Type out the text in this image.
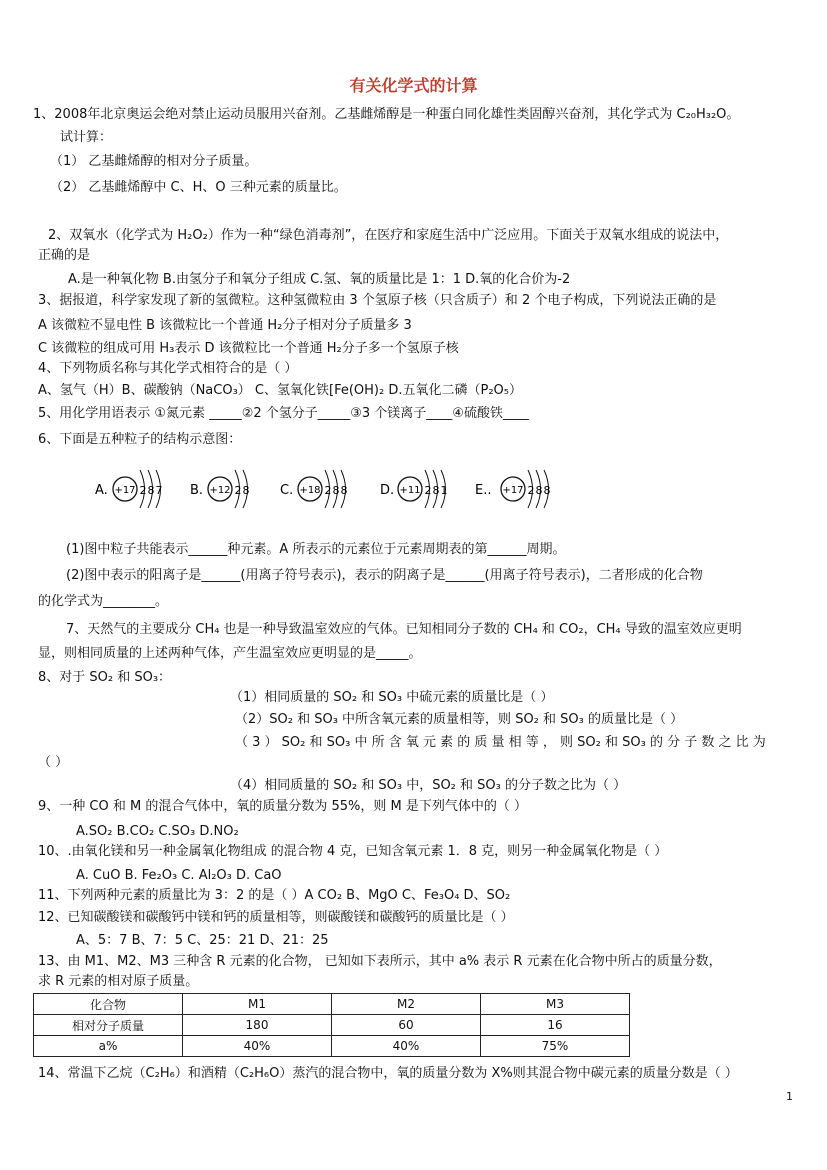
有关化学式的计算
1、2008年北京奥运会绝对禁止运动员服用兴奋剂。乙基雌烯醇是一种蛋白同化雄性类固醇兴奋剂，其化学式为 C₂₀H₃₂O。
试计算：
（1） 乙基雌烯醇的相对分子质量。
（2） 乙基雌烯醇中 C、H、O 三种元素的质量比。
2、双氧水（化学式为 H₂O₂）作为一种“绿色消毒剂”，在医疗和家庭生活中广泛应用。下面关于双氧水组成的说法中，
正确的是
A.是一种氧化物 B.由氢分子和氧分子组成 C.氢、氧的质量比是 1：1 D.氧的化合价为-2
3、据报道，科学家发现了新的氢微粒。这种氢微粒由 3 个氢原子核（只含质子）和 2 个电子构成，下列说法正确的是
A 该微粒不显电性 B 该微粒比一个普通 H₂分子相对分子质量多 3
C 该微粒的组成可用 H₃表示 D 该微粒比一个普通 H₂分子多一个氢原子核
4、下列物质名称与其化学式相符合的是（ ）
A、氢气（H）B、碳酸钠（NaCO₃） C、氢氧化铁[Fe(OH)₂ D.五氧化二磷（P₂O₅）
5、用化学用语表示 ①氮元素 _____②2 个氢分子_____③3 个镁离子____④硫酸铁____
6、下面是五种粒子的结构示意图：
(1)图中粒子共能表示______种元素。A 所表示的元素位于元素周期表的第______周期。
(2)图中表示的阳离子是______(用离子符号表示)，表示的阴离子是______(用离子符号表示)，二者形成的化合物
的化学式为________。
7、天然气的主要成分 CH₄ 也是一种导致温室效应的气体。已知相同分子数的 CH₄ 和 CO₂，CH₄ 导致的温室效应更明
显，则相同质量的上述两种气体，产生温室效应更明显的是_____。
8、对于 SO₂ 和 SO₃：
（1）相同质量的 SO₂ 和 SO₃ 中硫元素的质量比是（ ）
（2）SO₂ 和 SO₃ 中所含氧元素的质量相等，则 SO₂ 和 SO₃ 的质量比是（ ）
（ 3 ） SO₂ 和 SO₃ 中 所 含 氧 元 素 的 质 量 相 等 ， 则 SO₂ 和 SO₃ 的 分 子 数 之 比 为
（ ）
（4）相同质量的 SO₂ 和 SO₃ 中，SO₂ 和 SO₃ 的分子数之比为（ ）
9、一种 CO 和 M 的混合气体中，氧的质量分数为 55%，则 M 是下列气体中的（ ）
A.SO₂ B.CO₂ C.SO₃ D.NO₂
10、.由氧化镁和另一种金属氧化物组成 的混合物 4 克，已知含氧元素 1．8 克，则另一种金属氧化物是（ ）
A. CuO B. Fe₂O₃ C. Al₂O₃ D. CaO
11、下列两种元素的质量比为 3：2 的是（ ）A CO₂ B、MgO C、Fe₃O₄ D、SO₂
12、已知碳酸镁和碳酸钙中镁和钙的质量相等，则碳酸镁和碳酸钙的质量比是（ ）
A、5：7 B、7：5 C、25：21 D、21：25
13、由 M1、M2、M3 三种含 R 元素的化合物， 已知如下表所示，其中 a% 表示 R 元素在化合物中所占的质量分数，
求 R 元素的相对原子质量。
14、常温下乙烷（C₂H₆）和酒精（C₂H₆O）蒸汽的混合物中，氧的质量分数为 X%则其混合物中碳元素的质量分数是（ ）
A. +17 2 8 7 B. +12 2 8 C. +18 2 8 8	D. +11 2 8 1 E.. +17 2 8 8
化合物	M1	M2	M3
相对分子质量	180	60	16
a%	40%	40%	75%
1
